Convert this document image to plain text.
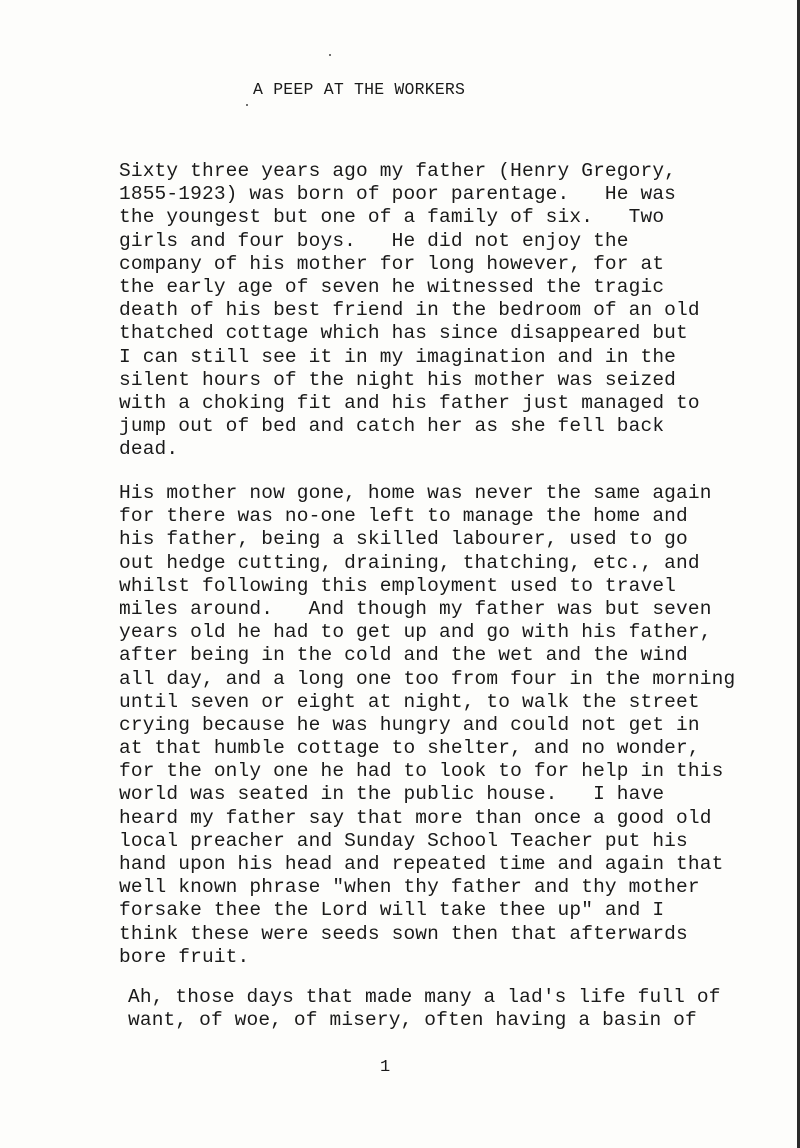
A PEEP AT THE WORKERS
Sixty three years ago my father (Henry Gregory,
1855-1923) was born of poor parentage.   He was
the youngest but one of a family of six.   Two
girls and four boys.   He did not enjoy the
company of his mother for long however, for at
the early age of seven he witnessed the tragic
death of his best friend in the bedroom of an old
thatched cottage which has since disappeared but
I can still see it in my imagination and in the
silent hours of the night his mother was seized
with a choking fit and his father just managed to
jump out of bed and catch her as she fell back
dead.
His mother now gone, home was never the same again
for there was no-one left to manage the home and
his father, being a skilled labourer, used to go
out hedge cutting, draining, thatching, etc., and
whilst following this employment used to travel
miles around.   And though my father was but seven
years old he had to get up and go with his father,
after being in the cold and the wet and the wind
all day, and a long one too from four in the morning
until seven or eight at night, to walk the street
crying because he was hungry and could not get in
at that humble cottage to shelter, and no wonder,
for the only one he had to look to for help in this
world was seated in the public house.   I have
heard my father say that more than once a good old
local preacher and Sunday School Teacher put his
hand upon his head and repeated time and again that
well known phrase "when thy father and thy mother
forsake thee the Lord will take thee up" and I
think these were seeds sown then that afterwards
bore fruit.
Ah, those days that made many a lad's life full of
want, of woe, of misery, often having a basin of
1
